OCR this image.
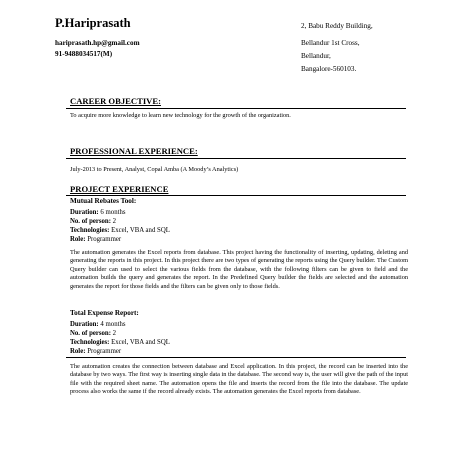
P.Hariprasath
hariprasath.hp@gmail.com
91-9488034517(M)
2, Babu Reddy Building,
Bellandur 1st Cross,
Bellandur,
Bangalore-560103.
CAREER OBJECTIVE:
To acquire more knowledge to learn new technology for the growth of the organization.
PROFESSIONAL EXPERIENCE:
July-2013 to Present, Analyst, Copal Amba (A Moody’s Analytics)
PROJECT EXPERIENCE
Mutual Rebates Tool:
Duration: 6 months
No. of person: 2
Technologies: Excel, VBA and SQL
Role: Programmer
The automation generates the Excel reports from database. This project having the functionality of inserting, updating, deleting and generating the reports in this project. In this project there are two types of generating the reports using the Query builder. The Custom Query builder can used to select the various fields from the database, with the following filters can be given to field and the automation builds the query and generates the report. In the Predefined Query builder the fields are selected and the automation generates the report for those fields and the filters can be given only to those fields.
Total Expense Report:
Duration: 4 months
No. of person: 2
Technologies: Excel, VBA and SQL
Role: Programmer
The automation creates the connection between database and Excel application. In this project, the record can be inserted into the database by two ways. The first way is inserting single data in the database. The second way is, the user will give the path of the input file with the required sheet name. The automation opens the file and inserts the record from the file into the database. The update process also works the same if the record already exists. The automation generates the Excel reports from database.
